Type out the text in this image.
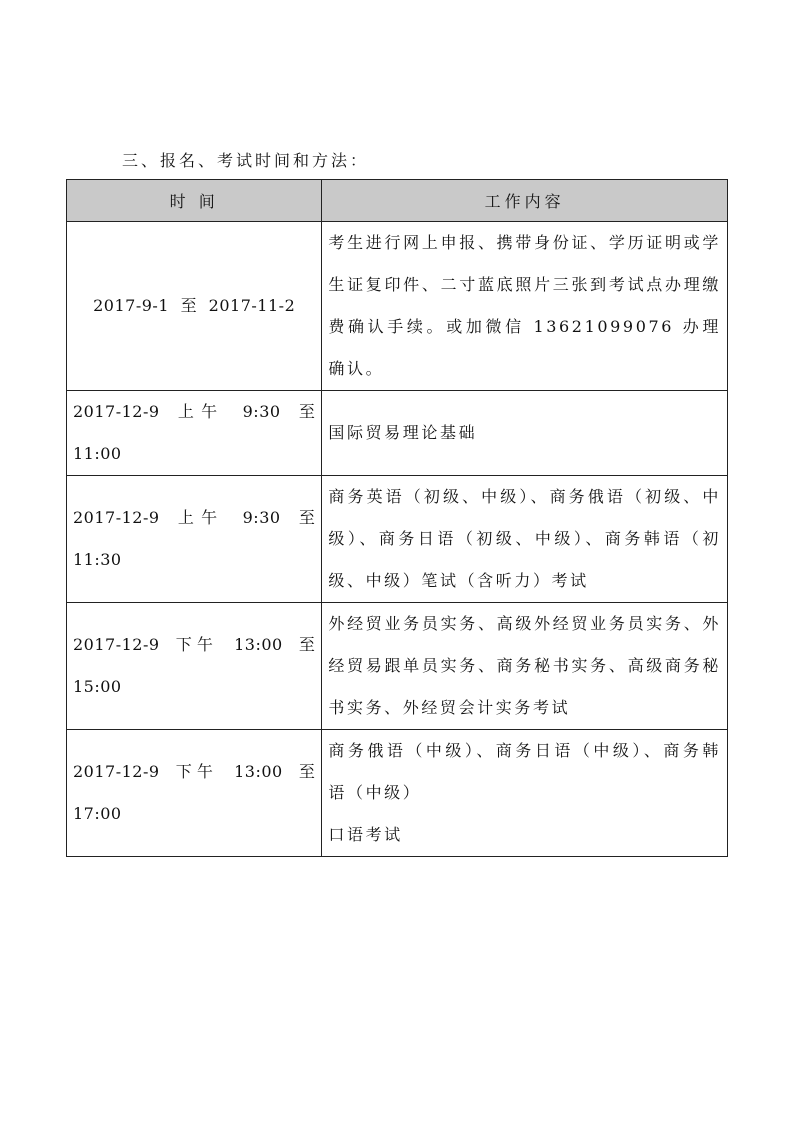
三、报名、考试时间和方法：
时 间	工作内容
2017-9-1 至 2017-11-2	考生进行网上申报、携带身份证、学历证明或学生证复印件、二寸蓝底照片三张到考试点办理缴费确认手续。或加微信 13621099076 办理确认。
2017-12-9 上午 9:30 至 11:00	国际贸易理论基础
2017-12-9 上午 9:30 至 11:30	商务英语（初级、中级）、商务俄语（初级、中级）、商务日语（初级、中级）、商务韩语（初级、中级）笔试（含听力）考试
2017-12-9 下午 13:00 至 15:00	外经贸业务员实务、高级外经贸业务员实务、外经贸易跟单员实务、商务秘书实务、高级商务秘书实务、外经贸会计实务考试
2017-12-9 下午 13:00 至 17:00	商务俄语（中级）、商务日语（中级）、商务韩语（中级）
口语考试
